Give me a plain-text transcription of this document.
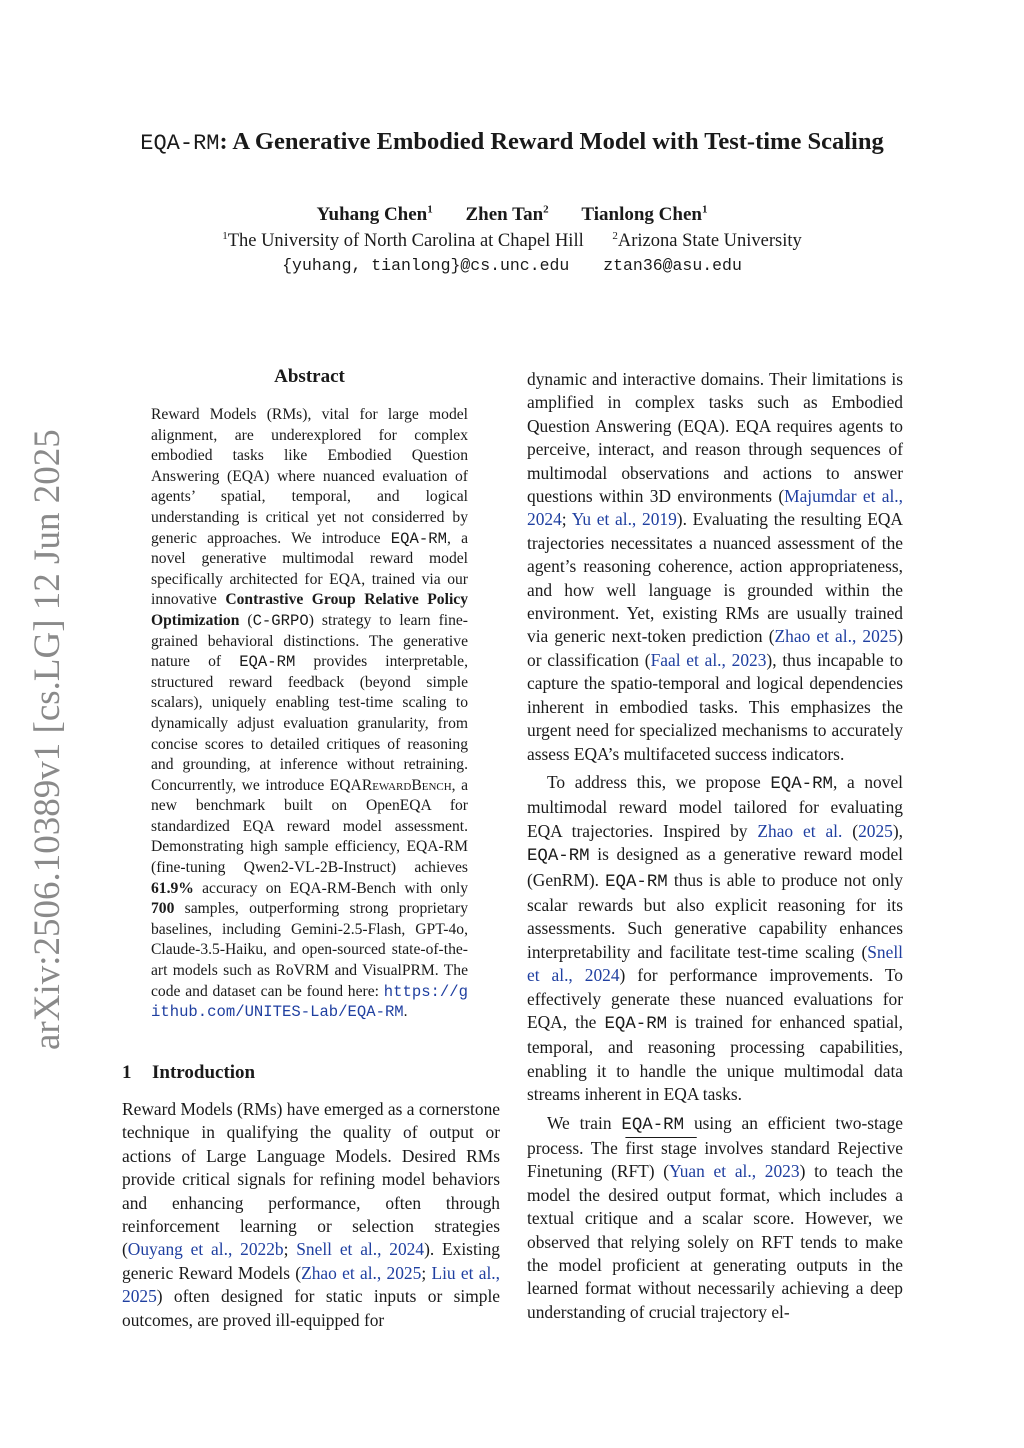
arXiv:2506.10389v1 [cs.LG] 12 Jun 2025
EQA-RM: A Generative Embodied Reward Model with Test-time Scaling
Yuhang Chen$^1$ Zhen Tan$^2$ Tianlong Chen$^1$
$^1$The University of North Carolina at Chapel Hill	$^2$Arizona State University
{yuhang, tianlong}@cs.unc.edu ztan36@asu.edu
Abstract
Reward Models (RMs), vital for large model alignment, are underexplored for complex embodied tasks like Embodied Question Answering (EQA) where nuanced evaluation of agents’ spatial, temporal, and logical understanding is critical yet not considerred by generic approaches. We introduce EQA-RM, a novel generative multimodal reward model specifically architected for EQA, trained via our innovative Contrastive Group Relative Policy Optimization (C-GRPO) strategy to learn fine-grained behavioral distinctions. The generative nature of EQA-RM provides interpretable, structured reward feedback (beyond simple scalars), uniquely enabling test-time scaling to dynamically adjust evaluation granularity, from concise scores to detailed critiques of reasoning and grounding, at inference without retraining. Concurrently, we introduce EQARewardBench, a new benchmark built on OpenEQA for standardized EQA reward model assessment. Demonstrating high sample efficiency, EQA-RM (fine-tuning Qwen2-VL-2B-Instruct) achieves 61.9% accuracy on EQA-RM-Bench with only 700 samples, outperforming strong proprietary baselines, including Gemini-2.5-Flash, GPT-4o, Claude-3.5-Haiku, and open-sourced state-of-the-art models such as RoVRM and VisualPRM. The code and dataset can be found here: https://github.com/UNITES-Lab/EQA-RM.
1 Introduction
Reward Models (RMs) have emerged as a cornerstone technique in qualifying the quality of output or actions of Large Language Models. Desired RMs provide critical signals for refining model behaviors and enhancing performance, often through reinforcement learning or selection strategies (Ouyang et al., 2022b; Snell et al., 2024). Existing generic Reward Models (Zhao et al., 2025; Liu et al., 2025) often designed for static inputs or simple outcomes, are proved ill-equipped for

dynamic and interactive domains. Their limitations is amplified in complex tasks such as Embodied Question Answering (EQA). EQA requires agents to perceive, interact, and reason through sequences of multimodal observations and actions to answer questions within 3D environments (Majumdar et al., 2024; Yu et al., 2019). Evaluating the resulting EQA trajectories necessitates a nuanced assessment of the agent’s reasoning coherence, action appropriateness, and how well language is grounded within the environment. Yet, existing RMs are usually trained via generic next-token prediction (Zhao et al., 2025) or classification (Faal et al., 2023), thus incapable to capture the spatio-temporal and logical dependencies inherent in embodied tasks. This emphasizes the urgent need for specialized mechanisms to accurately assess EQA’s multifaceted success indicators.

To address this, we propose EQA-RM, a novel multimodal reward model tailored for evaluating EQA trajectories. Inspired by Zhao et al. (2025), EQA-RM is designed as a generative reward model (GenRM). EQA-RM thus is able to produce not only scalar rewards but also explicit reasoning for its assessments. Such generative capability enhances interpretability and facilitate test-time scaling (Snell et al., 2024) for performance improvements. To effectively generate these nuanced evaluations for EQA, the EQA-RM is trained for enhanced spatial, temporal, and reasoning processing capabilities, enabling it to handle the unique multimodal data streams inherent in EQA tasks.

We train EQA-RM using an efficient two-stage process. The first stage involves standard Rejective Finetuning (RFT) (Yuan et al., 2023) to teach the model the desired output format, which includes a textual critique and a scalar score. However, we observed that relying solely on RFT tends to make the model proficient at generating outputs in the learned format without necessarily achieving a deep understanding of crucial trajectory el-
